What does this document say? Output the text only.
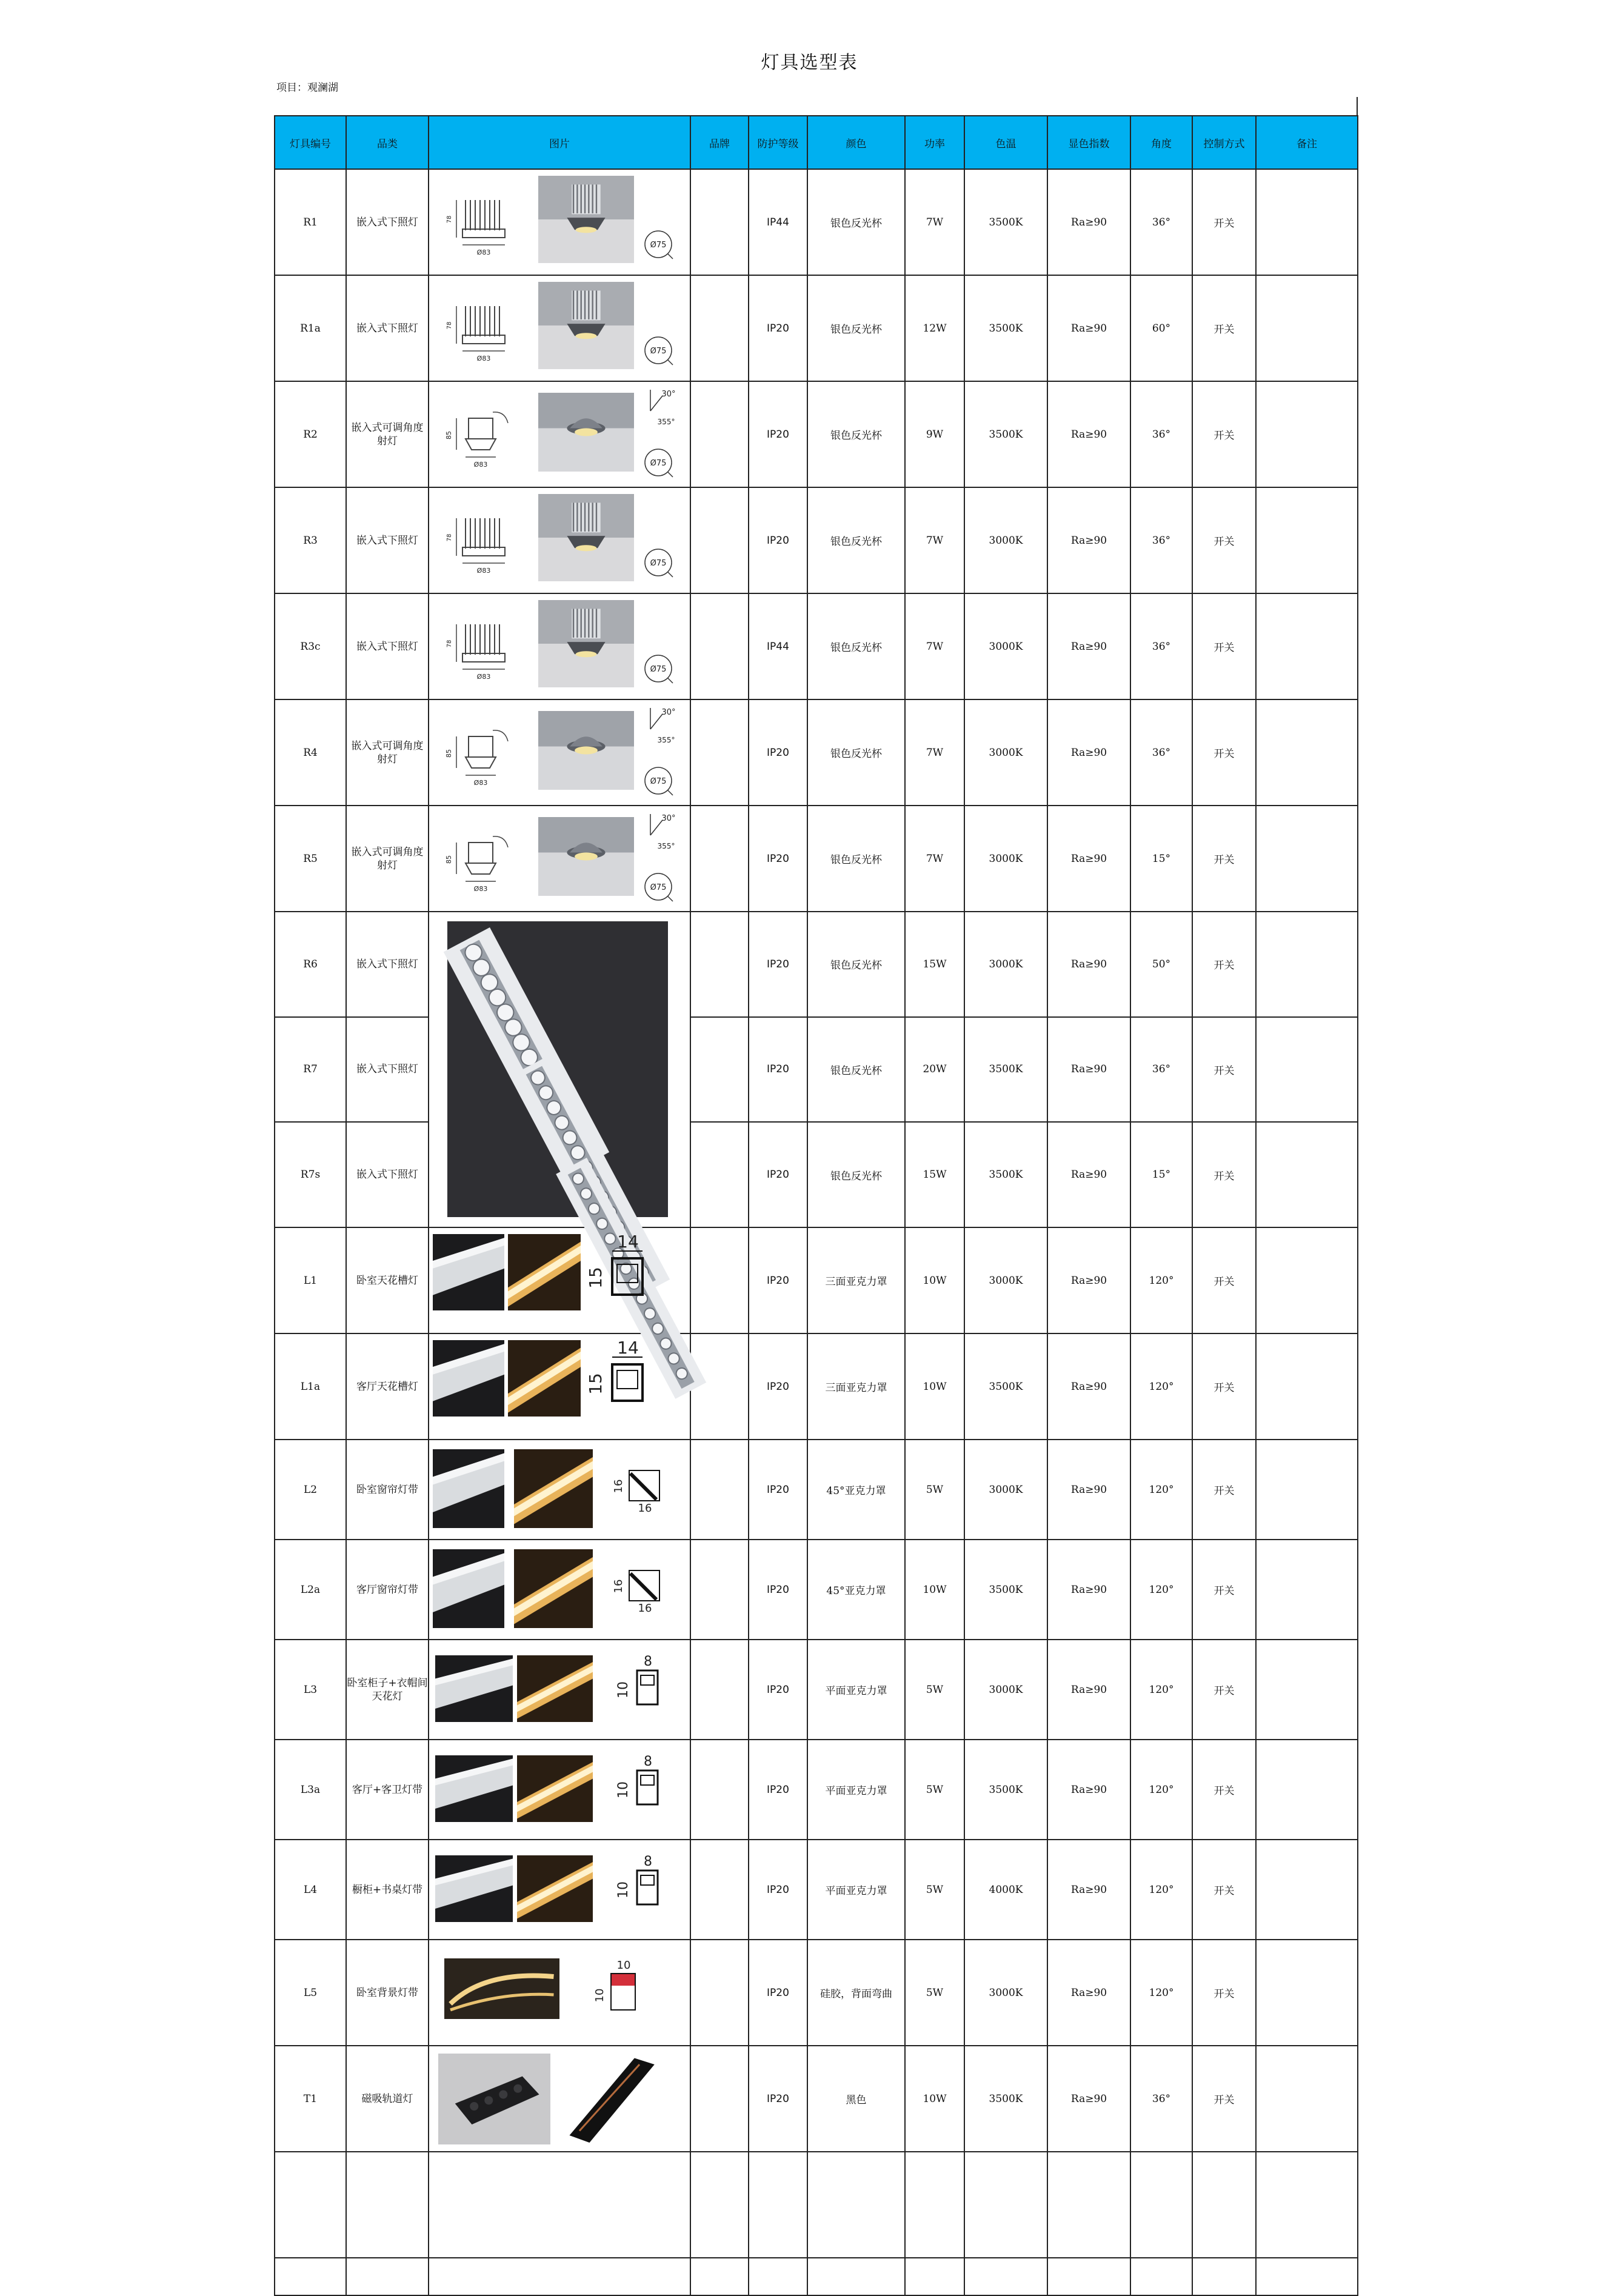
灯具选型表
项目：观澜湖
灯具编号	品类	图片	品牌	防护等级	颜色	功率	色温	显色指数	角度	控制方式	备注
R1	嵌入式下照灯	78
Ø83
Ø75		IP44	银色反光杯	7W	3500K	Ra≥90	36°	开关	
R1a	嵌入式下照灯	78
Ø83
Ø75		IP20	银色反光杯	12W	3500K	Ra≥90	60°	开关	
R2	嵌入式可调角度射灯	85
Ø83
30°
355°
Ø75		IP20	银色反光杯	9W	3500K	Ra≥90	36°	开关	
R3	嵌入式下照灯	78
Ø83
Ø75		IP20	银色反光杯	7W	3000K	Ra≥90	36°	开关	
R3c	嵌入式下照灯	78
Ø83
Ø75		IP44	银色反光杯	7W	3000K	Ra≥90	36°	开关	
R4	嵌入式可调角度射灯	85
Ø83
30°
355°
Ø75		IP20	银色反光杯	7W	3000K	Ra≥90	36°	开关	
R5	嵌入式可调角度射灯	85
Ø83
30°
355°
Ø75		IP20	银色反光杯	7W	3000K	Ra≥90	15°	开关	
R6	嵌入式下照灯			IP20	银色反光杯	15W	3000K	Ra≥90	50°	开关	
R7	嵌入式下照灯			IP20	银色反光杯	20W	3500K	Ra≥90	36°	开关	
R7s	嵌入式下照灯			IP20	银色反光杯	15W	3500K	Ra≥90	15°	开关	
L1	卧室天花槽灯	14
15		IP20	三面亚克力罩	10W	3000K	Ra≥90	120°	开关	
L1a	客厅天花槽灯	14
15		IP20	三面亚克力罩	10W	3500K	Ra≥90	120°	开关	
L2	卧室窗帘灯带	16
16		IP20	45°亚克力罩	5W	3000K	Ra≥90	120°	开关	
L2a	客厅窗帘灯带	16
16		IP20	45°亚克力罩	10W	3500K	Ra≥90	120°	开关	
L3	卧室柜子+衣帽间天花灯	8
10		IP20	平面亚克力罩	5W	3000K	Ra≥90	120°	开关	
L3a	客厅+客卫灯带	8
10		IP20	平面亚克力罩	5W	3500K	Ra≥90	120°	开关	
L4	橱柜+书桌灯带	8
10		IP20	平面亚克力罩	5W	4000K	Ra≥90	120°	开关	
L5	卧室背景灯带	10
10		IP20	硅胶，背面弯曲	5W	3000K	Ra≥90	120°	开关	
T1	磁吸轨道灯			IP20	黑色	10W	3500K	Ra≥90	36°	开关	
